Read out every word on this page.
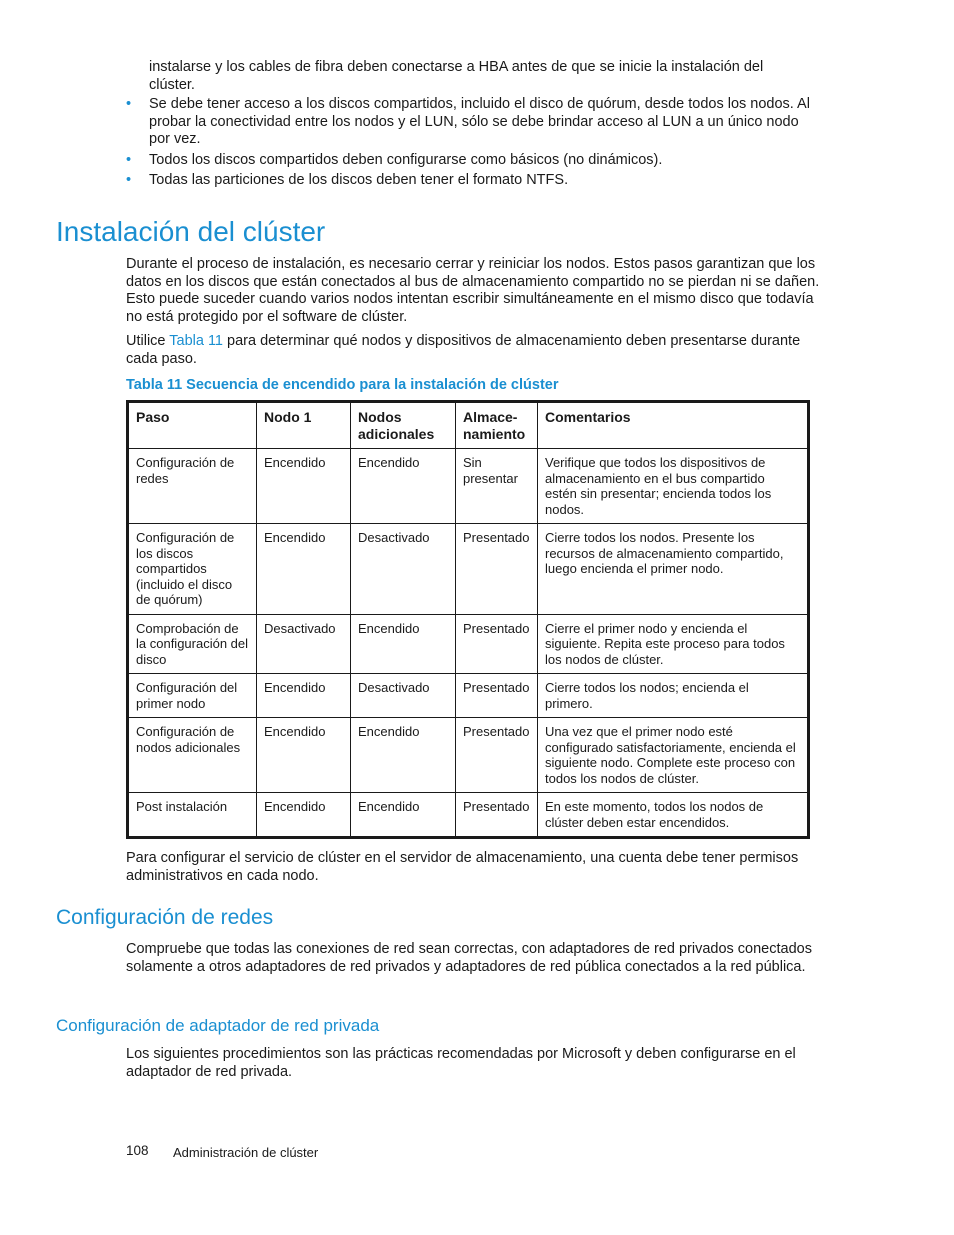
instalarse y los cables de fibra deben conectarse a HBA antes de que se inicie la instalación del clúster.

• Se debe tener acceso a los discos compartidos, incluido el disco de quórum, desde todos los nodos. Al probar la conectividad entre los nodos y el LUN, sólo se debe brindar acceso al LUN a un único nodo por vez.
• Todos los discos compartidos deben configurarse como básicos (no dinámicos).
• Todas las particiones de los discos deben tener el formato NTFS.
Instalación del clúster

Durante el proceso de instalación, es necesario cerrar y reiniciar los nodos. Estos pasos garantizan que los datos en los discos que están conectados al bus de almacenamiento compartido no se pierdan ni se dañen. Esto puede suceder cuando varios nodos intentan escribir simultáneamente en el mismo disco que todavía no está protegido por el software de clúster.

Utilice Tabla 11 para determinar qué nodos y dispositivos de almacenamiento deben presentarse durante cada paso.

Tabla 11 Secuencia de encendido para la instalación de clúster
Paso	Nodo 1	Nodos adicionales	Almace-namiento	Comentarios
Configuración de redes	Encendido	Encendido	Sin presentar	Verifique que todos los dispositivos de almacenamiento en el bus compartido estén sin presentar; encienda todos los nodos.
Configuración de los discos compartidos (incluido el disco de quórum)	Encendido	Desactivado	Presentado	Cierre todos los nodos. Presente los recursos de almacenamiento compartido, luego encienda el primer nodo.
Comprobación de la configuración del disco	Desactivado	Encendido	Presentado	Cierre el primer nodo y encienda el siguiente. Repita este proceso para todos los nodos de clúster.
Configuración del primer nodo	Encendido	Desactivado	Presentado	Cierre todos los nodos; encienda el primero.
Configuración de nodos adicionales	Encendido	Encendido	Presentado	Una vez que el primer nodo esté configurado satisfactoriamente, encienda el siguiente nodo. Complete este proceso con todos los nodos de clúster.
Post instalación	Encendido	Encendido	Presentado	En este momento, todos los nodos de clúster deben estar encendidos.

Para configurar el servicio de clúster en el servidor de almacenamiento, una cuenta debe tener permisos administrativos en cada nodo.

Configuración de redes

Compruebe que todas las conexiones de red sean correctas, con adaptadores de red privados conectados solamente a otros adaptadores de red privados y adaptadores de red pública conectados a la red pública.

Configuración de adaptador de red privada

Los siguientes procedimientos son las prácticas recomendadas por Microsoft y deben configurarse en el adaptador de red privada.

108 Administración de clúster
